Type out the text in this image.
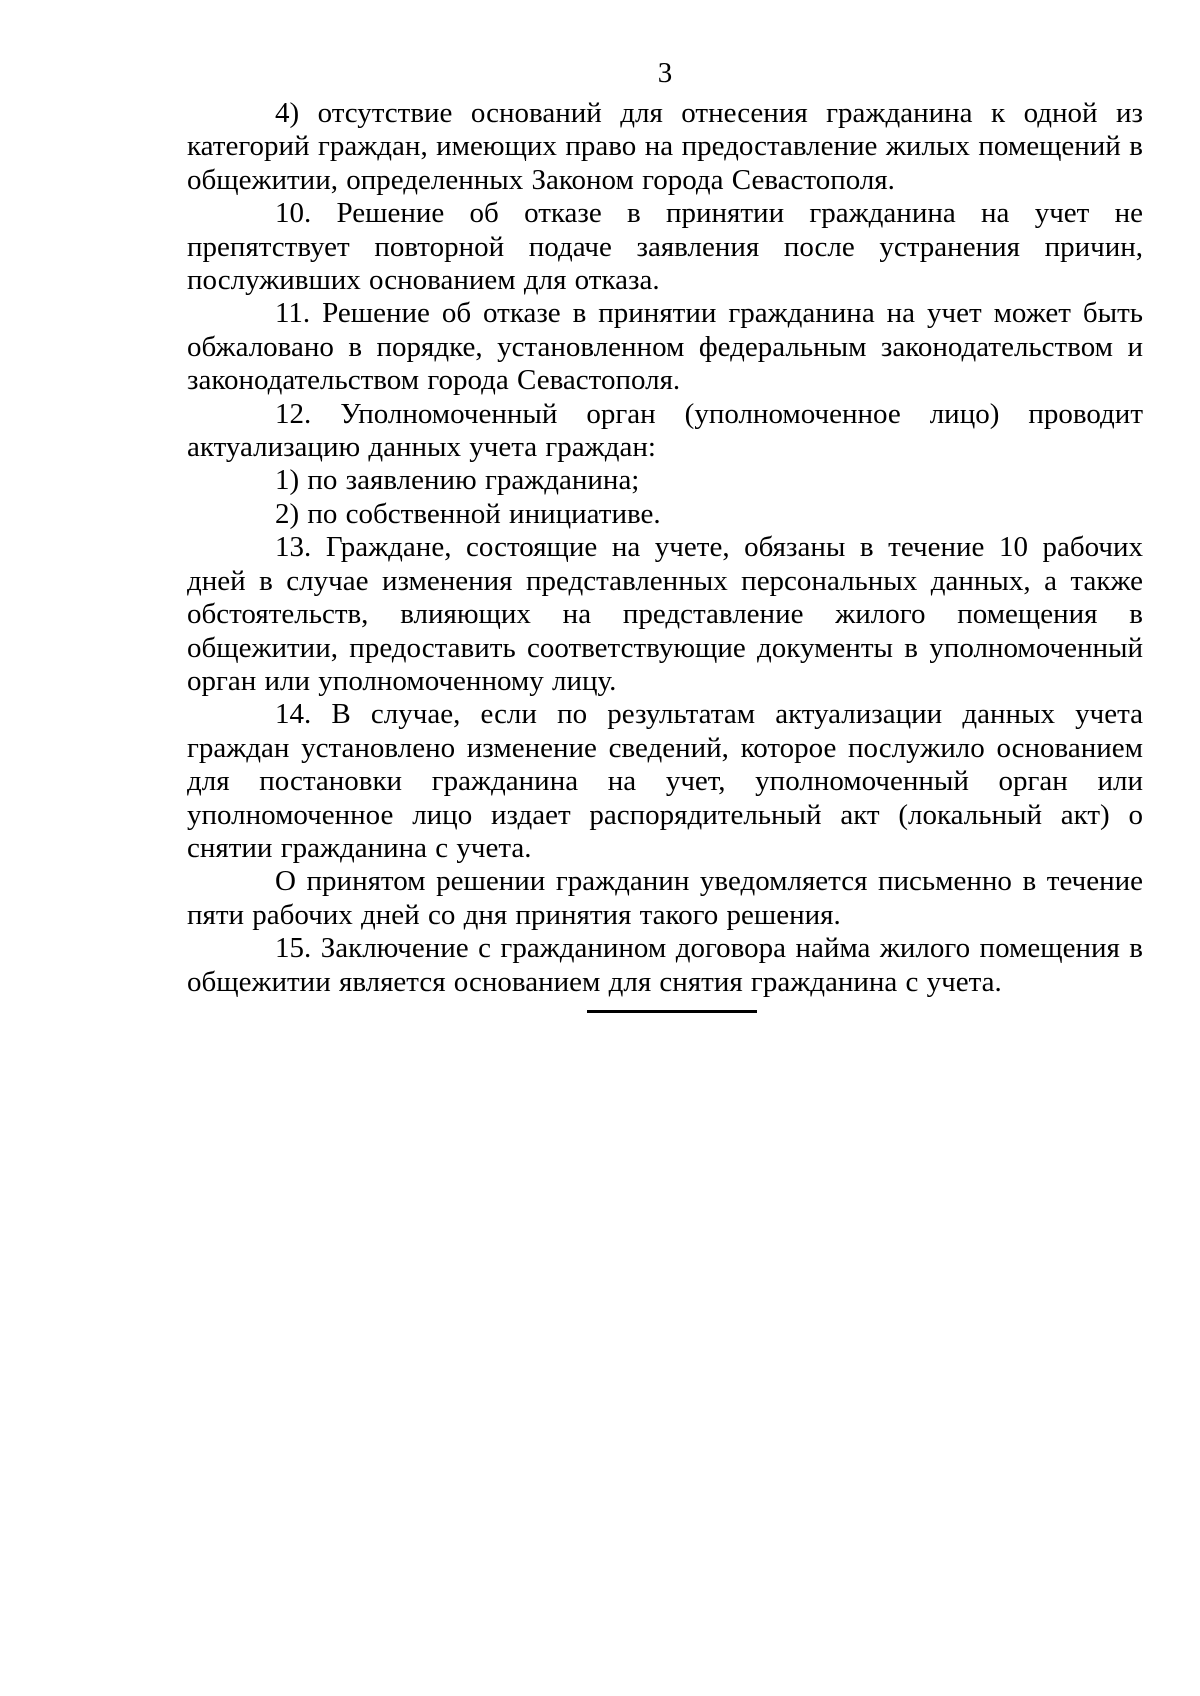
3

4) отсутствие оснований для отнесения гражданина к одной из категорий граждан, имеющих право на предоставление жилых помещений в общежитии, определенных Законом города Севастополя.

10. Решение об отказе в принятии гражданина на учет не препятствует повторной подаче заявления после устранения причин, послуживших основанием для отказа.

11. Решение об отказе в принятии гражданина на учет может быть обжаловано в порядке, установленном федеральным законодательством и законодательством города Севастополя.

12. Уполномоченный орган (уполномоченное лицо) проводит актуализацию данных учета граждан:

1) по заявлению гражданина;

2) по собственной инициативе.

13. Граждане, состоящие на учете, обязаны в течение 10 рабочих дней в случае изменения представленных персональных данных, а также обстоятельств, влияющих на представление жилого помещения в общежитии, предоставить соответствующие документы в уполномоченный орган или уполномоченному лицу.

14. В случае, если по результатам актуализации данных учета граждан установлено изменение сведений, которое послужило основанием для постановки гражданина на учет, уполномоченный орган или уполномоченное лицо издает распорядительный акт (локальный акт) о снятии гражданина с учета.

О принятом решении гражданин уведомляется письменно в течение пяти рабочих дней со дня принятия такого решения.

15. Заключение с гражданином договора найма жилого помещения в общежитии является основанием для снятия гражданина с учета.
